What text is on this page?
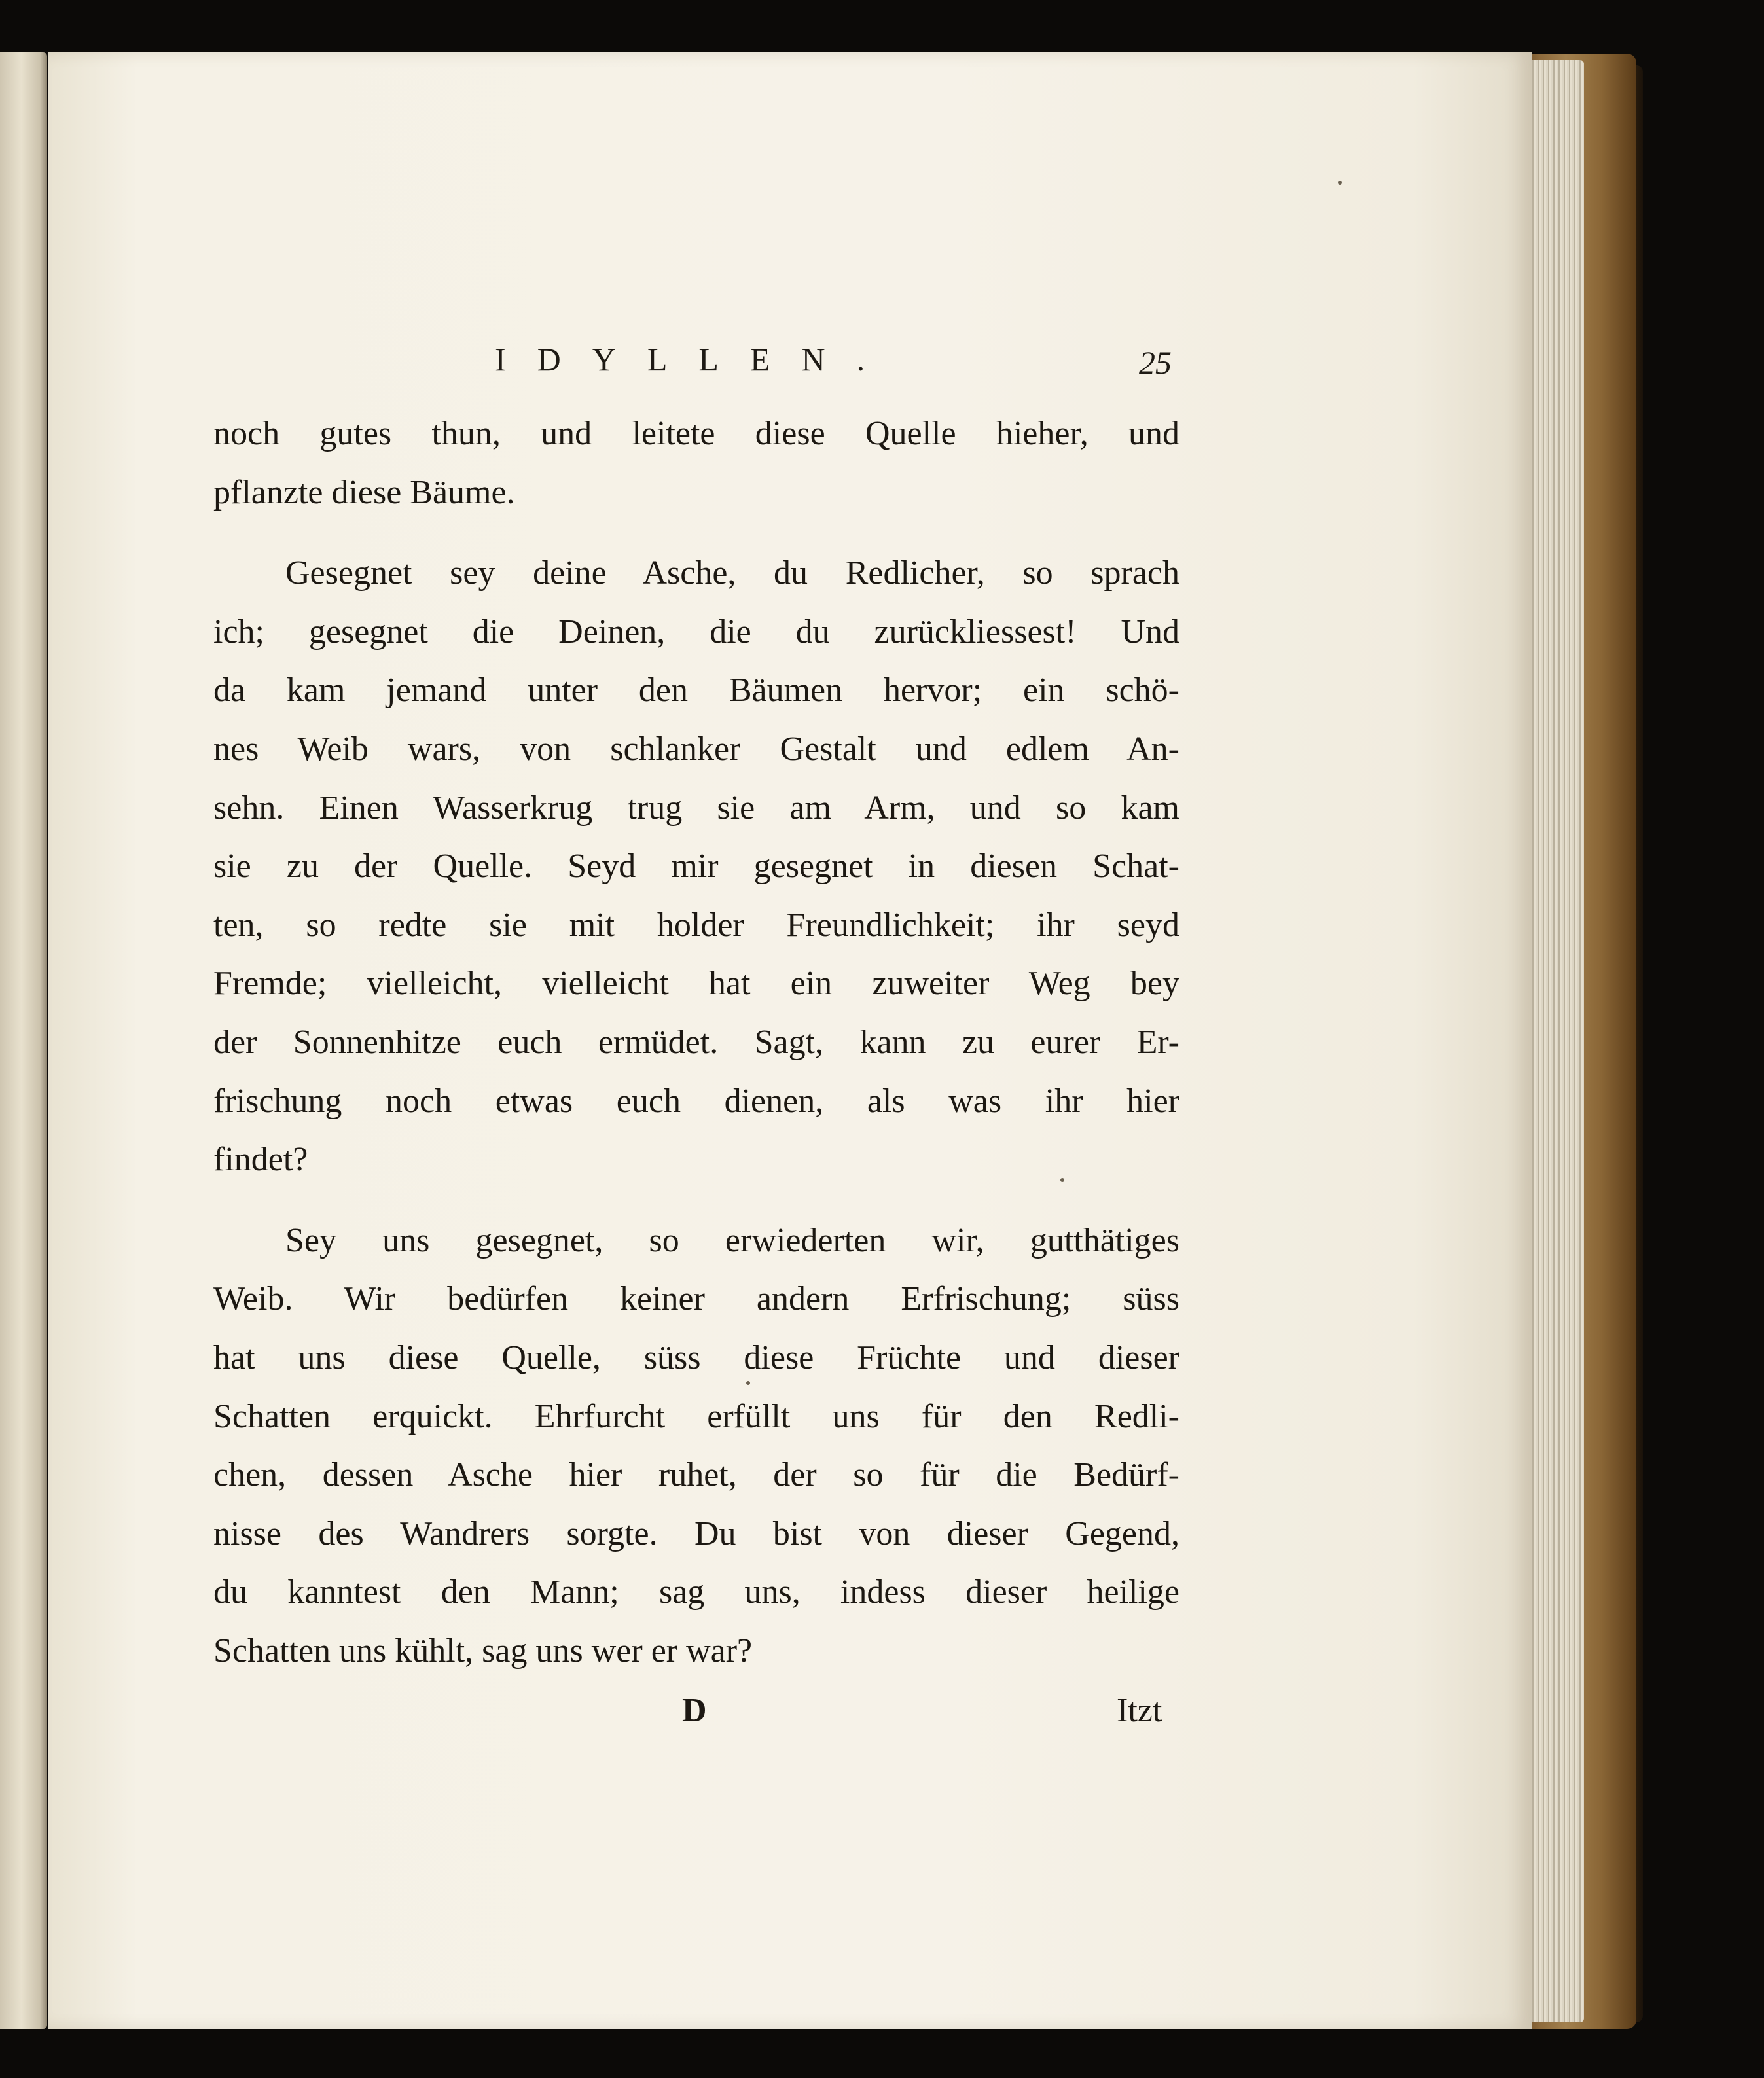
IDYLLEN.	25
noch gutes thun, und leitete diese Quelle hieher, und
pflanzte diese Bäume.
Gesegnet sey deine Asche, du Redlicher, so sprach
ich; gesegnet die Deinen, die du zurückliessest! Und
da kam jemand unter den Bäumen hervor; ein schö-
nes Weib wars, von schlanker Gestalt und edlem An-
sehn. Einen Wasserkrug trug sie am Arm, und so kam
sie zu der Quelle. Seyd mir gesegnet in diesen Schat-
ten, so redte sie mit holder Freundlichkeit; ihr seyd
Fremde; vielleicht, vielleicht hat ein zuweiter Weg bey
der Sonnenhitze euch ermüdet. Sagt, kann zu eurer Er-
frischung noch etwas euch dienen, als was ihr hier
findet?
Sey uns gesegnet, so erwiederten wir, gutthätiges
Weib. Wir bedürfen keiner andern Erfrischung; süss
hat uns diese Quelle, süss diese Früchte und dieser
Schatten erquickt. Ehrfurcht erfüllt uns für den Redli-
chen, dessen Asche hier ruhet, der so für die Bedürf-
nisse des Wandrers sorgte. Du bist von dieser Gegend,
du kanntest den Mann; sag uns, indess dieser heilige
Schatten uns kühlt, sag uns wer er war?
D	Itzt
